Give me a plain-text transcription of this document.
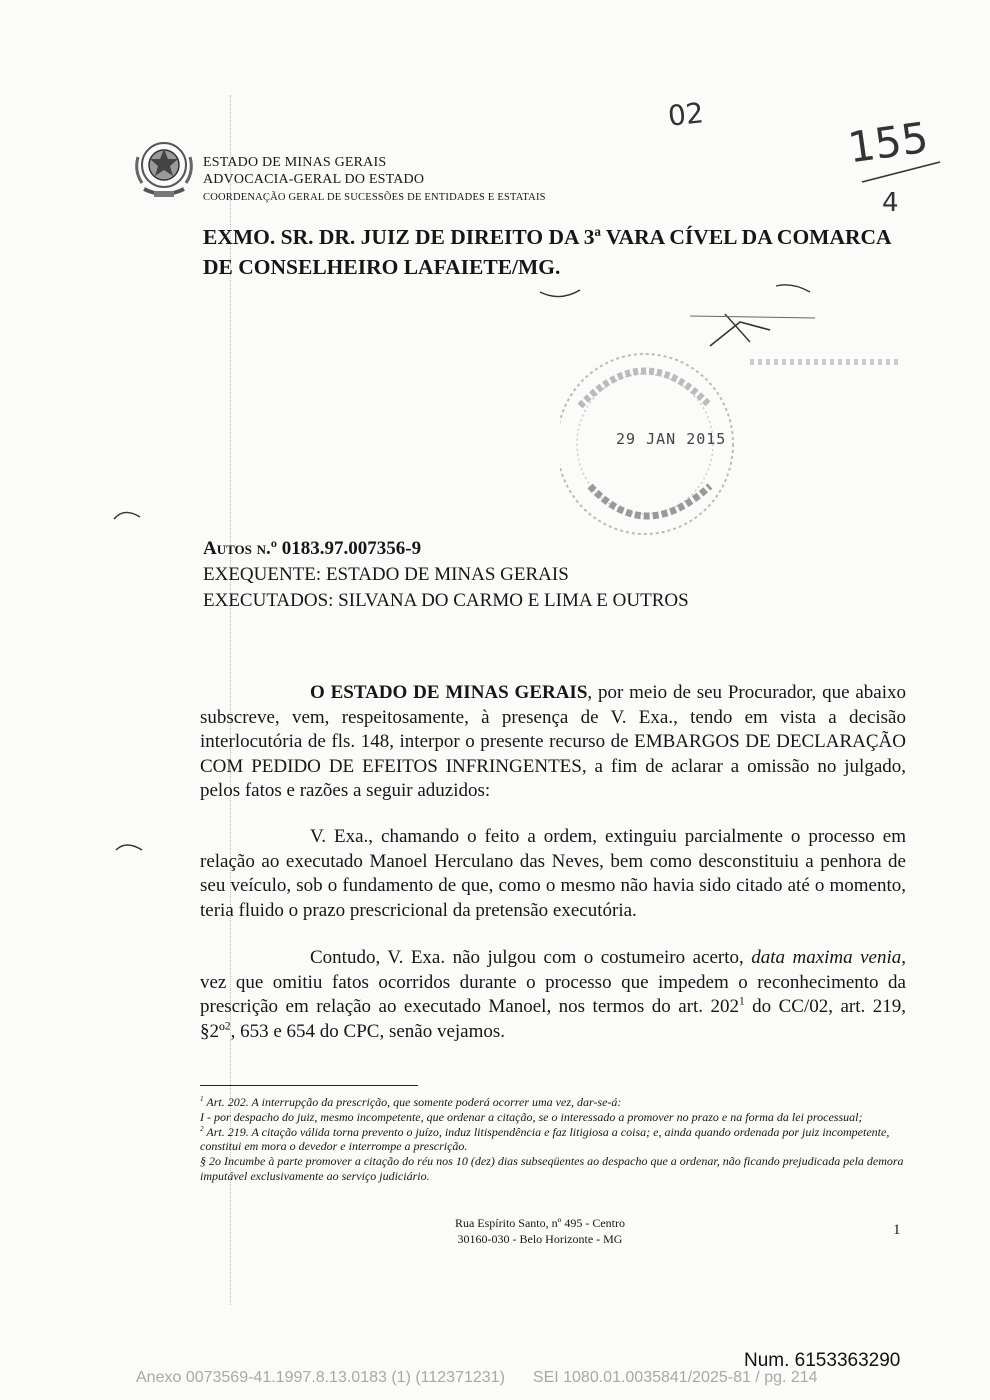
ESTADO DE MINAS GERAIS
ADVOCACIA-GERAL DO ESTADO
COORDENAÇÃO GERAL DE SUCESSÕES DE ENTIDADES E ESTATAIS
02	155
4
EXMO. SR. DR. JUIZ DE DIREITO DA 3ª VARA CÍVEL DA COMARCA DE CONSELHEIRO LAFAIETE/MG.
29 JAN 2015
Autos n.º 0183.97.007356-9
EXEQUENTE: ESTADO DE MINAS GERAIS
EXECUTADOS: SILVANA DO CARMO E LIMA E OUTROS
O ESTADO DE MINAS GERAIS, por meio de seu Procurador, que abaixo subscreve, vem, respeitosamente, à presença de V. Exa., tendo em vista a decisão interlocutória de fls. 148, interpor o presente recurso de EMBARGOS DE DECLARAÇÃO COM PEDIDO DE EFEITOS INFRINGENTES, a fim de aclarar a omissão no julgado, pelos fatos e razões a seguir aduzidos:
V. Exa., chamando o feito a ordem, extinguiu parcialmente o processo em relação ao executado Manoel Herculano das Neves, bem como desconstituiu a penhora de seu veículo, sob o fundamento de que, como o mesmo não havia sido citado até o momento, teria fluido o prazo prescricional da pretensão executória.
Contudo, V. Exa. não julgou com o costumeiro acerto, data maxima venia, vez que omitiu fatos ocorridos durante o processo que impedem o reconhecimento da prescrição em relação ao executado Manoel, nos termos do art. $202^1$ do CC/02, art. 219, §2º$^2$, 653 e 654 do CPC, senão vejamos.
$^1$ Art. 202. A interrupção da prescrição, que somente poderá ocorrer uma vez, dar-se-á:
I - por despacho do juiz, mesmo incompetente, que ordenar a citação, se o interessado a promover no prazo e na forma da lei processual;
$^2$ Art. 219. A citação válida torna prevento o juízo, induz litispendência e faz litigiosa a coisa; e, ainda quando ordenada por juiz incompetente, constitui em mora o devedor e interrompe a prescrição.
§ 2o Incumbe à parte promover a citação do réu nos 10 (dez) dias subseqüentes ao despacho que a ordenar, não ficando prejudicada pela demora imputável exclusivamente ao serviço judiciário.
Rua Espírito Santo, nº 495 - Centro
30160-030 - Belo Horizonte - MG
1
Num. 6153363290
Anexo 0073569-41.1997.8.13.0183 (1) (112371231) SEI 1080.01.0035841/2025-81 / pg. 214
